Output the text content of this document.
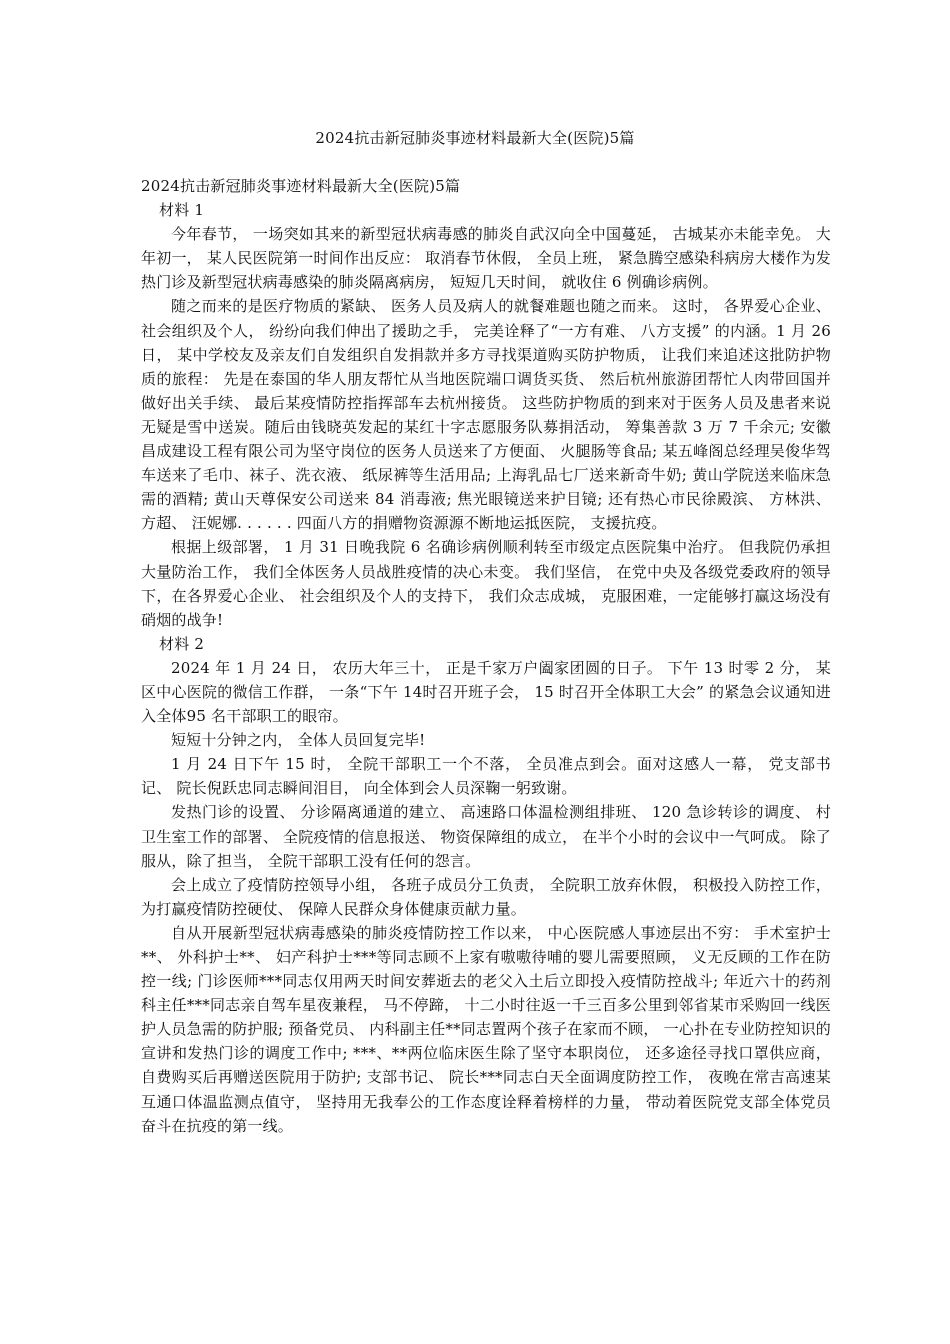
2024抗击新冠肺炎事迹材料最新大全(医院)5篇

2024抗击新冠肺炎事迹材料最新大全(医院)5篇

材料 1

今年春节， 一场突如其来的新型冠状病毒感的肺炎自武汉向全中国蔓延， 古城某亦未能幸免。 大年初一， 某人民医院第一时间作出反应： 取消春节休假， 全员上班， 紧急腾空感染科病房大楼作为发热门诊及新型冠状病毒感染的肺炎隔离病房， 短短几天时间， 就收住 6 例确诊病例。

随之而来的是医疗物质的紧缺、 医务人员及病人的就餐难题也随之而来。 这时， 各界爱心企业、 社会组织及个人， 纷纷向我们伸出了援助之手， 完美诠释了“一方有难、 八方支援” 的内涵。1 月 26 日， 某中学校友及亲友们自发组织自发捐款并多方寻找渠道购买防护物质， 让我们来追述这批防护物质的旅程： 先是在泰国的华人朋友帮忙从当地医院端口调货买货、 然后杭州旅游团帮忙人肉带回国并做好出关手续、 最后某疫情防控指挥部车去杭州接货。 这些防护物质的到来对于医务人员及患者来说无疑是雪中送炭。随后由钱晓英发起的某红十字志愿服务队募捐活动， 筹集善款 3 万 7 千余元; 安徽昌成建设工程有限公司为坚守岗位的医务人员送来了方便面、 火腿肠等食品; 某五峰阁总经理吴俊华驾车送来了毛巾、袜子、洗衣液、 纸尿裤等生活用品; 上海乳品七厂送来新奇牛奶; 黄山学院送来临床急需的酒精; 黄山天尊保安公司送来 84 消毒液; 焦光眼镜送来护目镜; 还有热心市民徐殿滨、 方林洪、 方超、 汪妮娜. . . . . . 四面八方的捐赠物资源源不断地运抵医院， 支援抗疫。

根据上级部署， 1 月 31 日晚我院 6 名确诊病例顺利转至市级定点医院集中治疗。 但我院仍承担大量防治工作， 我们全体医务人员战胜疫情的决心未变。 我们坚信， 在党中央及各级党委政府的领导下，在各界爱心企业、 社会组织及个人的支持下， 我们众志成城， 克服困难，一定能够打赢这场没有硝烟的战争!

材料 2

2024 年 1 月 24 日， 农历大年三十， 正是千家万户阖家团圆的日子。 下午 13 时零 2 分， 某区中心医院的微信工作群， 一条“下午 14时召开班子会， 15 时召开全体职工大会” 的紧急会议通知进入全体95 名干部职工的眼帘。

短短十分钟之内， 全体人员回复完毕!

1 月 24 日下午 15 时， 全院干部职工一个不落， 全员准点到会。面对这感人一幕， 党支部书记、 院长倪跃忠同志瞬间泪目， 向全体到会人员深鞠一躬致谢。

发热门诊的设置、 分诊隔离通道的建立、 高速路口体温检测组排班、 120 急诊转诊的调度、 村卫生室工作的部署、 全院疫情的信息报送、 物资保障组的成立， 在半个小时的会议中一气呵成。 除了服从，除了担当， 全院干部职工没有任何的怨言。

会上成立了疫情防控领导小组， 各班子成员分工负责， 全院职工放弃休假， 积极投入防控工作， 为打赢疫情防控硬仗、 保障人民群众身体健康贡献力量。

自从开展新型冠状病毒感染的肺炎疫情防控工作以来， 中心医院感人事迹层出不穷： 手术室护士**、 外科护士**、 妇产科护士***等同志顾不上家有嗷嗷待哺的婴儿需要照顾， 义无反顾的工作在防控一线; 门诊医师***同志仅用两天时间安葬逝去的老父入土后立即投入疫情防控战斗; 年近六十的药剂科主任***同志亲自驾车星夜兼程， 马不停蹄， 十二小时往返一千三百多公里到邻省某市采购回一线医护人员急需的防护服; 预备党员、 内科副主任**同志置两个孩子在家而不顾， 一心扑在专业防控知识的宣讲和发热门诊的调度工作中; ***、**两位临床医生除了坚守本职岗位， 还多途径寻找口罩供应商， 自费购买后再赠送医院用于防护; 支部书记、 院长***同志白天全面调度防控工作， 夜晚在常吉高速某互通口体温监测点值守， 坚持用无我奉公的工作态度诠释着榜样的力量， 带动着医院党支部全体党员奋斗在抗疫的第一线。
